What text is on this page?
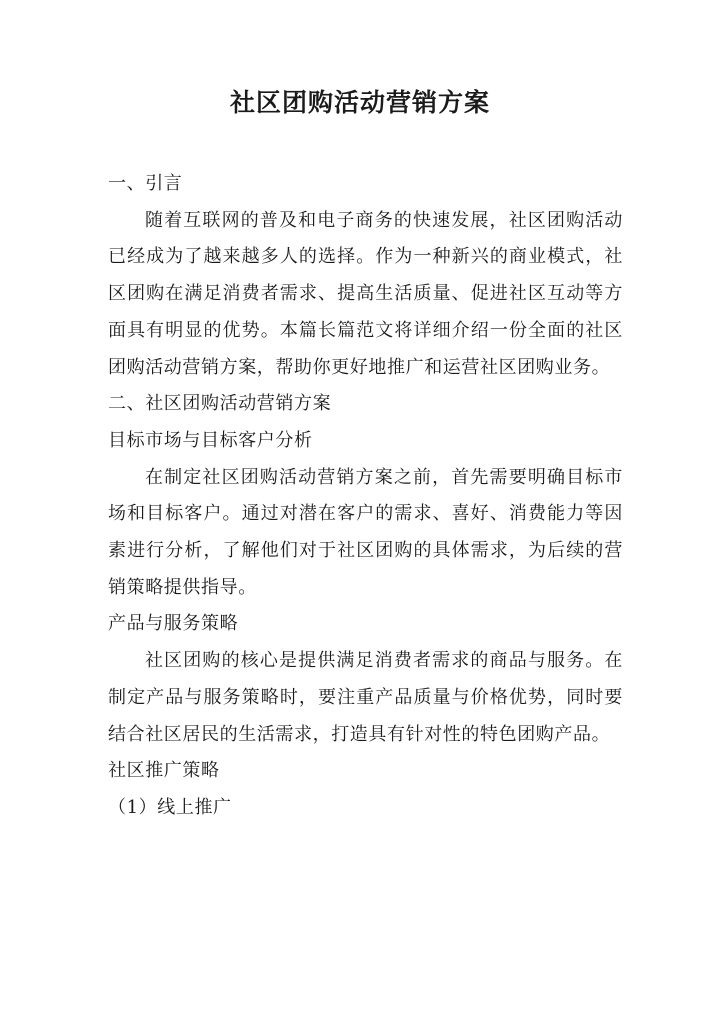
社区团购活动营销方案

一、引言

随着互联网的普及和电子商务的快速发展，社区团购活动已经成为了越来越多人的选择。作为一种新兴的商业模式，社区团购在满足消费者需求、提高生活质量、促进社区互动等方面具有明显的优势。本篇长篇范文将详细介绍一份全面的社区团购活动营销方案，帮助你更好地推广和运营社区团购业务。

二、社区团购活动营销方案

目标市场与目标客户分析

在制定社区团购活动营销方案之前，首先需要明确目标市场和目标客户。通过对潜在客户的需求、喜好、消费能力等因素进行分析，了解他们对于社区团购的具体需求，为后续的营销策略提供指导。

产品与服务策略

社区团购的核心是提供满足消费者需求的商品与服务。在制定产品与服务策略时，要注重产品质量与价格优势，同时要结合社区居民的生活需求，打造具有针对性的特色团购产品。

社区推广策略

（1）线上推广
